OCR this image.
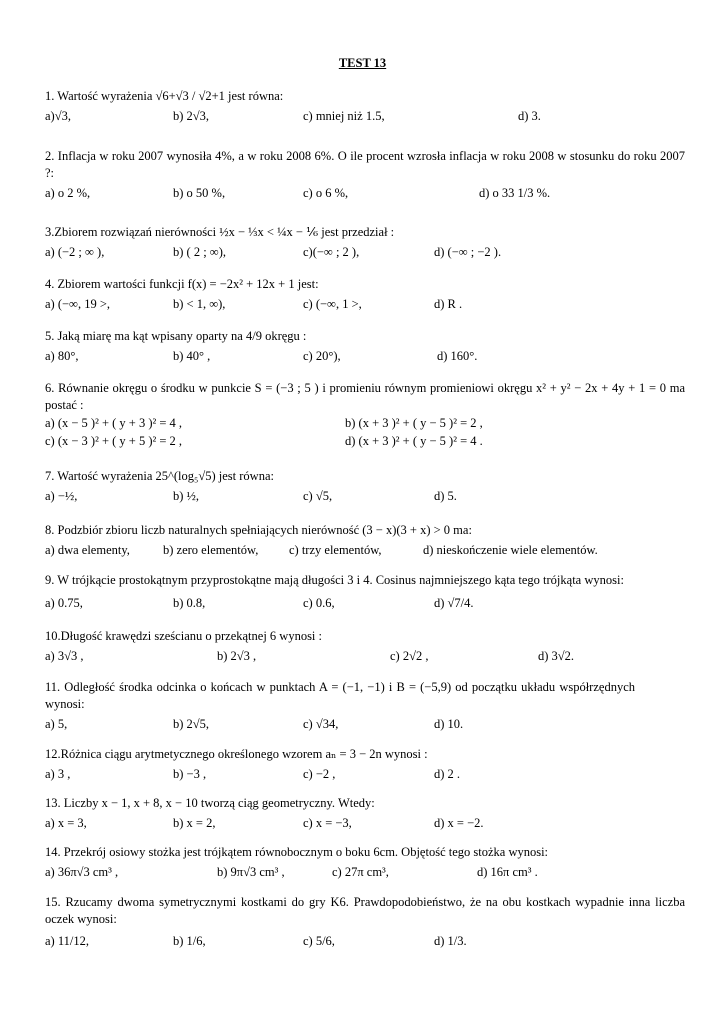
TEST 13
1. Wartość wyrażenia √6+√3 / √2+1 jest równa:
a)√3,	b) 2√3,	c) mniej niż 1.5,	d) 3.
2. Inflacja w roku 2007 wynosiła 4%, a w roku 2008 6%. O ile procent wzrosła inflacja w roku 2008 w stosunku do roku 2007 ?:
a) o 2 %,	b) o 50 %,	c) o 6 %,	d) o 33 1/3 %.
3.Zbiorem rozwiązań nierówności ½x − ⅓x < ¼x − ⅙ jest przedział :
a) (−2 ; ∞ ),	b) ( 2 ; ∞),	c)(−∞ ; 2 ),	d) (−∞ ; −2 ).
4. Zbiorem wartości funkcji f(x) = −2x² + 12x + 1 jest:
a) (−∞, 19 >,	b) < 1, ∞),	c) (−∞, 1 >,	d) R .
5. Jaką miarę ma kąt wpisany oparty na 4/9 okręgu :
a) 80°,	b) 40° ,	c) 20°),	d) 160°.
6. Równanie okręgu o środku w punkcie S = (−3 ; 5 ) i promieniu równym promieniowi okręgu x² + y² − 2x + 4y + 1 = 0 ma postać :
a) (x − 5 )² + ( y + 3 )² = 4 ,	b) (x + 3 )² + ( y − 5 )² = 2 ,
c) (x − 3 )² + ( y + 5 )² = 2 ,	d) (x + 3 )² + ( y − 5 )² = 4 .
7. Wartość wyrażenia 25^(log₅√5) jest równa:
a) −½,	b) ½,	c) √5,	d) 5.
8. Podzbiór zbioru liczb naturalnych spełniających nierówność (3 − x)(3 + x) > 0 ma:
a) dwa elementy,	b) zero elementów, c) trzy elementów,	d) nieskończenie wiele elementów.
9. W trójkącie prostokątnym przyprostokątne mają długości 3 i 4. Cosinus najmniejszego kąta tego trójkąta wynosi:
a) 0.75,	b) 0.8,	c) 0.6,	d) √7/4.
10.Długość krawędzi sześcianu o przekątnej 6 wynosi :
a) 3√3 ,	b) 2√3 ,	c) 2√2 ,	d) 3√2.
11. Odległość środka odcinka o końcach w punktach A = (−1, −1) i B = (−5,9) od początku układu współrzędnych wynosi:
a) 5,	b) 2√5,	c) √34,	d) 10.
12.Różnica ciągu arytmetycznego określonego wzorem aₙ = 3 − 2n wynosi :
a) 3 ,	b) −3 ,	c) −2 ,	d) 2 .
13. Liczby x − 1, x + 8, x − 10 tworzą ciąg geometryczny. Wtedy:
a) x = 3,	b) x = 2,	c) x = −3,	d) x = −2.
14. Przekrój osiowy stożka jest trójkątem równobocznym o boku 6cm. Objętość tego stożka wynosi:
a) 36π√3 cm³ ,	b) 9π√3 cm³ ,	c) 27π cm³,	d) 16π cm³ .
15. Rzucamy dwoma symetrycznymi kostkami do gry K6. Prawdopodobieństwo, że na obu kostkach wypadnie inna liczba oczek wynosi:
a) 11/12,	b) 1/6,	c) 5/6,	d) 1/3.
